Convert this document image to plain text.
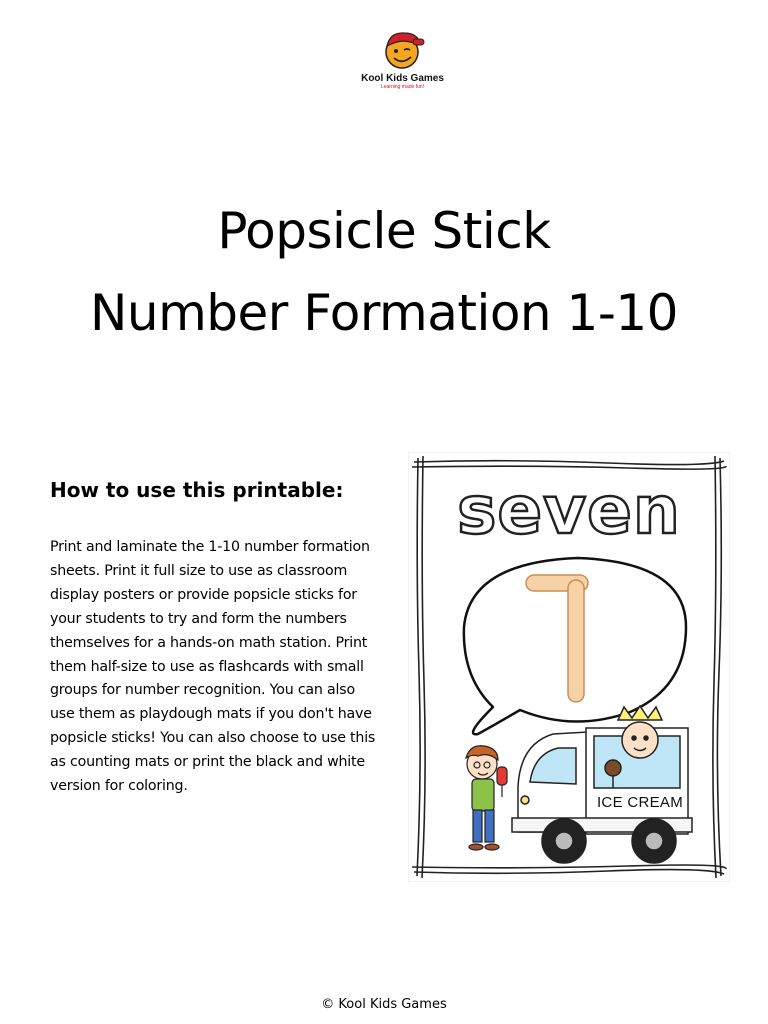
Kool Kids Games
Learning made fun!
Popsicle Stick
Number Formation 1-10
How to use this printable:
Print and laminate the 1-10 number formation sheets. Print it full size to use as classroom display posters or provide popsicle sticks for your students to try and form the numbers themselves for a hands-on math station. Print them half-size to use as flashcards with small groups for number recognition. You can also use them as playdough mats if you don't have popsicle sticks! You can also choose to use this as counting mats or print the black and white version for coloring.
seven
ICE CREAM
© Kool Kids Games
